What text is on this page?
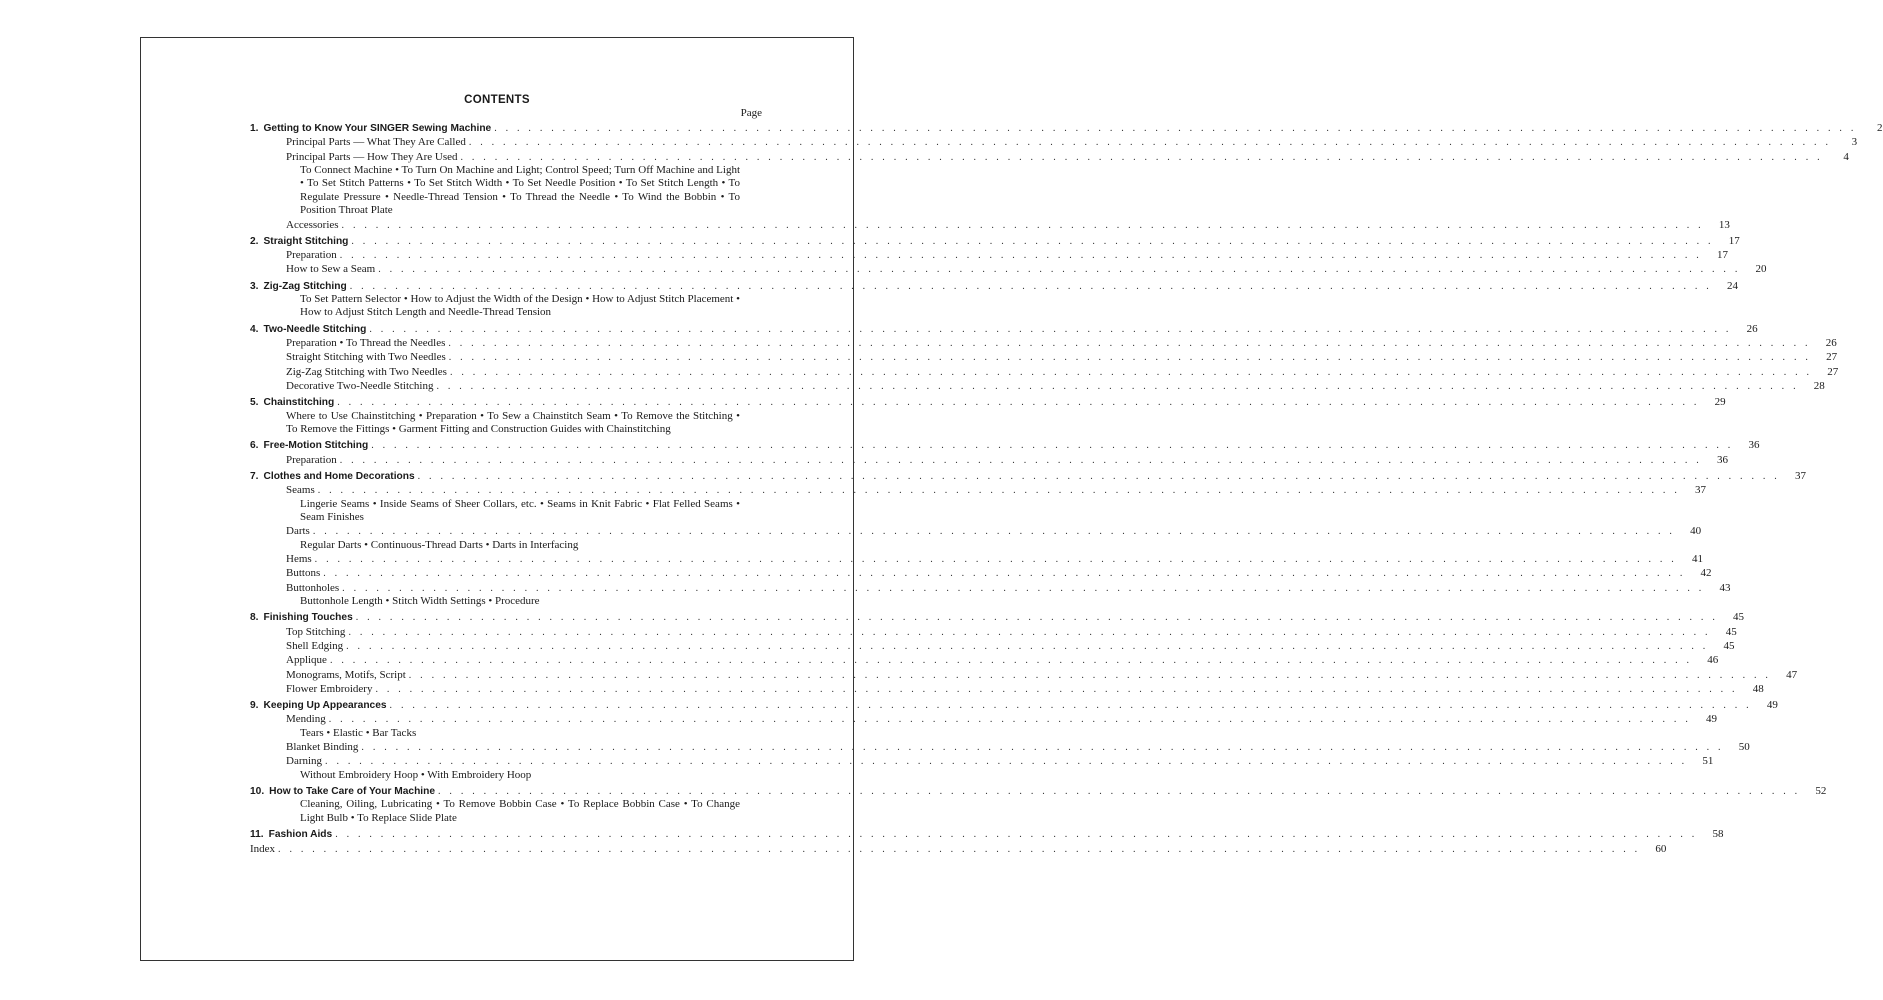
CONTENTS
Page
1. Getting to Know Your SINGER Sewing Machine . . . . . . . . . . . . . . . . . . . . . . . . . . . . . . . . . . . . . . . . . . . . . . . . . . . . . . . . . . . . . . . . . . . . . . . . . . . . . . . . . . . . . . . . . . . . . . . . . . . . . . . . . . . . . . . . . . . . . . . .	2
Principal Parts — What They Are Called . . . . . . . . . . . . . . . . . . . . . . . . . . . . . . . . . . . . . . . . . . . . . . . . . . . . . . . . . . . . . . . . . . . . . . . . . . . . . . . . . . . . . . . . . . . . . . . . . . . . . . . . . . . . . . . . . . . . . . . .	3
Principal Parts — How They Are Used . . . . . . . . . . . . . . . . . . . . . . . . . . . . . . . . . . . . . . . . . . . . . . . . . . . . . . . . . . . . . . . . . . . . . . . . . . . . . . . . . . . . . . . . . . . . . . . . . . . . . . . . . . . . . . . . . . . . . . . .	4
To Connect Machine • To Turn On Machine and Light; Control Speed; Turn Off Machine and Light • To Set Stitch Patterns • To Set Stitch Width • To Set Needle Position • To Set Stitch Length • To Regulate Pressure • Needle-Thread Tension • To Thread the Needle • To Wind the Bobbin • To Position Throat Plate
Accessories . . . . . . . . . . . . . . . . . . . . . . . . . . . . . . . . . . . . . . . . . . . . . . . . . . . . . . . . . . . . . . . . . . . . . . . . . . . . . . . . . . . . . . . . . . . . . . . . . . . . . . . . . . . . . . . . . . . . . . . .	13
2. Straight Stitching . . . . . . . . . . . . . . . . . . . . . . . . . . . . . . . . . . . . . . . . . . . . . . . . . . . . . . . . . . . . . . . . . . . . . . . . . . . . . . . . . . . . . . . . . . . . . . . . . . . . . . . . . . . . . . . . . . . . . . . .	17
Preparation . . . . . . . . . . . . . . . . . . . . . . . . . . . . . . . . . . . . . . . . . . . . . . . . . . . . . . . . . . . . . . . . . . . . . . . . . . . . . . . . . . . . . . . . . . . . . . . . . . . . . . . . . . . . . . . . . . . . . . . .	17
How to Sew a Seam . . . . . . . . . . . . . . . . . . . . . . . . . . . . . . . . . . . . . . . . . . . . . . . . . . . . . . . . . . . . . . . . . . . . . . . . . . . . . . . . . . . . . . . . . . . . . . . . . . . . . . . . . . . . . . . . . . . . . . . .	20
3. Zig-Zag Stitching . . . . . . . . . . . . . . . . . . . . . . . . . . . . . . . . . . . . . . . . . . . . . . . . . . . . . . . . . . . . . . . . . . . . . . . . . . . . . . . . . . . . . . . . . . . . . . . . . . . . . . . . . . . . . . . . . . . . . . . .	24
To Set Pattern Selector • How to Adjust the Width of the Design • How to Adjust Stitch Placement • How to Adjust Stitch Length and Needle-Thread Tension
4. Two-Needle Stitching . . . . . . . . . . . . . . . . . . . . . . . . . . . . . . . . . . . . . . . . . . . . . . . . . . . . . . . . . . . . . . . . . . . . . . . . . . . . . . . . . . . . . . . . . . . . . . . . . . . . . . . . . . . . . . . . . . . . . . . .	26
Preparation • To Thread the Needles . . . . . . . . . . . . . . . . . . . . . . . . . . . . . . . . . . . . . . . . . . . . . . . . . . . . . . . . . . . . . . . . . . . . . . . . . . . . . . . . . . . . . . . . . . . . . . . . . . . . . . . . . . . . . . . . . . . . . . . .	26
Straight Stitching with Two Needles . . . . . . . . . . . . . . . . . . . . . . . . . . . . . . . . . . . . . . . . . . . . . . . . . . . . . . . . . . . . . . . . . . . . . . . . . . . . . . . . . . . . . . . . . . . . . . . . . . . . . . . . . . . . . . . . . . . . . . . .	27
Zig-Zag Stitching with Two Needles . . . . . . . . . . . . . . . . . . . . . . . . . . . . . . . . . . . . . . . . . . . . . . . . . . . . . . . . . . . . . . . . . . . . . . . . . . . . . . . . . . . . . . . . . . . . . . . . . . . . . . . . . . . . . . . . . . . . . . . .	27
Decorative Two-Needle Stitching . . . . . . . . . . . . . . . . . . . . . . . . . . . . . . . . . . . . . . . . . . . . . . . . . . . . . . . . . . . . . . . . . . . . . . . . . . . . . . . . . . . . . . . . . . . . . . . . . . . . . . . . . . . . . . . . . . . . . . . .	28
5. Chainstitching . . . . . . . . . . . . . . . . . . . . . . . . . . . . . . . . . . . . . . . . . . . . . . . . . . . . . . . . . . . . . . . . . . . . . . . . . . . . . . . . . . . . . . . . . . . . . . . . . . . . . . . . . . . . . . . . . . . . . . . .	29
Where to Use Chainstitching • Preparation • To Sew a Chainstitch Seam • To Remove the Stitching • To Remove the Fittings • Garment Fitting and Construction Guides with Chainstitching
6. Free-Motion Stitching . . . . . . . . . . . . . . . . . . . . . . . . . . . . . . . . . . . . . . . . . . . . . . . . . . . . . . . . . . . . . . . . . . . . . . . . . . . . . . . . . . . . . . . . . . . . . . . . . . . . . . . . . . . . . . . . . . . . . . . .	36
Preparation . . . . . . . . . . . . . . . . . . . . . . . . . . . . . . . . . . . . . . . . . . . . . . . . . . . . . . . . . . . . . . . . . . . . . . . . . . . . . . . . . . . . . . . . . . . . . . . . . . . . . . . . . . . . . . . . . . . . . . . .	36
7. Clothes and Home Decorations . . . . . . . . . . . . . . . . . . . . . . . . . . . . . . . . . . . . . . . . . . . . . . . . . . . . . . . . . . . . . . . . . . . . . . . . . . . . . . . . . . . . . . . . . . . . . . . . . . . . . . . . . . . . . . . . . . . . . . . .	37
Seams . . . . . . . . . . . . . . . . . . . . . . . . . . . . . . . . . . . . . . . . . . . . . . . . . . . . . . . . . . . . . . . . . . . . . . . . . . . . . . . . . . . . . . . . . . . . . . . . . . . . . . . . . . . . . . . . . . . . . . . .	37
Lingerie Seams • Inside Seams of Sheer Collars, etc. • Seams in Knit Fabric • Flat Felled Seams • Seam Finishes
Darts . . . . . . . . . . . . . . . . . . . . . . . . . . . . . . . . . . . . . . . . . . . . . . . . . . . . . . . . . . . . . . . . . . . . . . . . . . . . . . . . . . . . . . . . . . . . . . . . . . . . . . . . . . . . . . . . . . . . . . . .	40
Regular Darts • Continuous-Thread Darts • Darts in Interfacing
Hems . . . . . . . . . . . . . . . . . . . . . . . . . . . . . . . . . . . . . . . . . . . . . . . . . . . . . . . . . . . . . . . . . . . . . . . . . . . . . . . . . . . . . . . . . . . . . . . . . . . . . . . . . . . . . . . . . . . . . . . .	41
Buttons . . . . . . . . . . . . . . . . . . . . . . . . . . . . . . . . . . . . . . . . . . . . . . . . . . . . . . . . . . . . . . . . . . . . . . . . . . . . . . . . . . . . . . . . . . . . . . . . . . . . . . . . . . . . . . . . . . . . . . . .	42
Buttonholes . . . . . . . . . . . . . . . . . . . . . . . . . . . . . . . . . . . . . . . . . . . . . . . . . . . . . . . . . . . . . . . . . . . . . . . . . . . . . . . . . . . . . . . . . . . . . . . . . . . . . . . . . . . . . . . . . . . . . . . .	43
Buttonhole Length • Stitch Width Settings • Procedure
8. Finishing Touches . . . . . . . . . . . . . . . . . . . . . . . . . . . . . . . . . . . . . . . . . . . . . . . . . . . . . . . . . . . . . . . . . . . . . . . . . . . . . . . . . . . . . . . . . . . . . . . . . . . . . . . . . . . . . . . . . . . . . . . .	45
Top Stitching . . . . . . . . . . . . . . . . . . . . . . . . . . . . . . . . . . . . . . . . . . . . . . . . . . . . . . . . . . . . . . . . . . . . . . . . . . . . . . . . . . . . . . . . . . . . . . . . . . . . . . . . . . . . . . . . . . . . . . . .	45
Shell Edging . . . . . . . . . . . . . . . . . . . . . . . . . . . . . . . . . . . . . . . . . . . . . . . . . . . . . . . . . . . . . . . . . . . . . . . . . . . . . . . . . . . . . . . . . . . . . . . . . . . . . . . . . . . . . . . . . . . . . . . .	45
Applique . . . . . . . . . . . . . . . . . . . . . . . . . . . . . . . . . . . . . . . . . . . . . . . . . . . . . . . . . . . . . . . . . . . . . . . . . . . . . . . . . . . . . . . . . . . . . . . . . . . . . . . . . . . . . . . . . . . . . . . .	46
Monograms, Motifs, Script . . . . . . . . . . . . . . . . . . . . . . . . . . . . . . . . . . . . . . . . . . . . . . . . . . . . . . . . . . . . . . . . . . . . . . . . . . . . . . . . . . . . . . . . . . . . . . . . . . . . . . . . . . . . . . . . . . . . . . . .	47
Flower Embroidery . . . . . . . . . . . . . . . . . . . . . . . . . . . . . . . . . . . . . . . . . . . . . . . . . . . . . . . . . . . . . . . . . . . . . . . . . . . . . . . . . . . . . . . . . . . . . . . . . . . . . . . . . . . . . . . . . . . . . . . .	48
9. Keeping Up Appearances . . . . . . . . . . . . . . . . . . . . . . . . . . . . . . . . . . . . . . . . . . . . . . . . . . . . . . . . . . . . . . . . . . . . . . . . . . . . . . . . . . . . . . . . . . . . . . . . . . . . . . . . . . . . . . . . . . . . . . . .	49
Mending . . . . . . . . . . . . . . . . . . . . . . . . . . . . . . . . . . . . . . . . . . . . . . . . . . . . . . . . . . . . . . . . . . . . . . . . . . . . . . . . . . . . . . . . . . . . . . . . . . . . . . . . . . . . . . . . . . . . . . . .	49
Tears • Elastic • Bar Tacks
Blanket Binding . . . . . . . . . . . . . . . . . . . . . . . . . . . . . . . . . . . . . . . . . . . . . . . . . . . . . . . . . . . . . . . . . . . . . . . . . . . . . . . . . . . . . . . . . . . . . . . . . . . . . . . . . . . . . . . . . . . . . . . .	50
Darning . . . . . . . . . . . . . . . . . . . . . . . . . . . . . . . . . . . . . . . . . . . . . . . . . . . . . . . . . . . . . . . . . . . . . . . . . . . . . . . . . . . . . . . . . . . . . . . . . . . . . . . . . . . . . . . . . . . . . . . .	51
Without Embroidery Hoop • With Embroidery Hoop
10. How to Take Care of Your Machine . . . . . . . . . . . . . . . . . . . . . . . . . . . . . . . . . . . . . . . . . . . . . . . . . . . . . . . . . . . . . . . . . . . . . . . . . . . . . . . . . . . . . . . . . . . . . . . . . . . . . . . . . . . . . . . . . . . . . . . .	52
Cleaning, Oiling, Lubricating • To Remove Bobbin Case • To Replace Bobbin Case • To Change Light Bulb • To Replace Slide Plate
11. Fashion Aids . . . . . . . . . . . . . . . . . . . . . . . . . . . . . . . . . . . . . . . . . . . . . . . . . . . . . . . . . . . . . . . . . . . . . . . . . . . . . . . . . . . . . . . . . . . . . . . . . . . . . . . . . . . . . . . . . . . . . . . .	58
Index . . . . . . . . . . . . . . . . . . . . . . . . . . . . . . . . . . . . . . . . . . . . . . . . . . . . . . . . . . . . . . . . . . . . . . . . . . . . . . . . . . . . . . . . . . . . . . . . . . . . . . . . . . . . . . . . . . . . . . . .	60
